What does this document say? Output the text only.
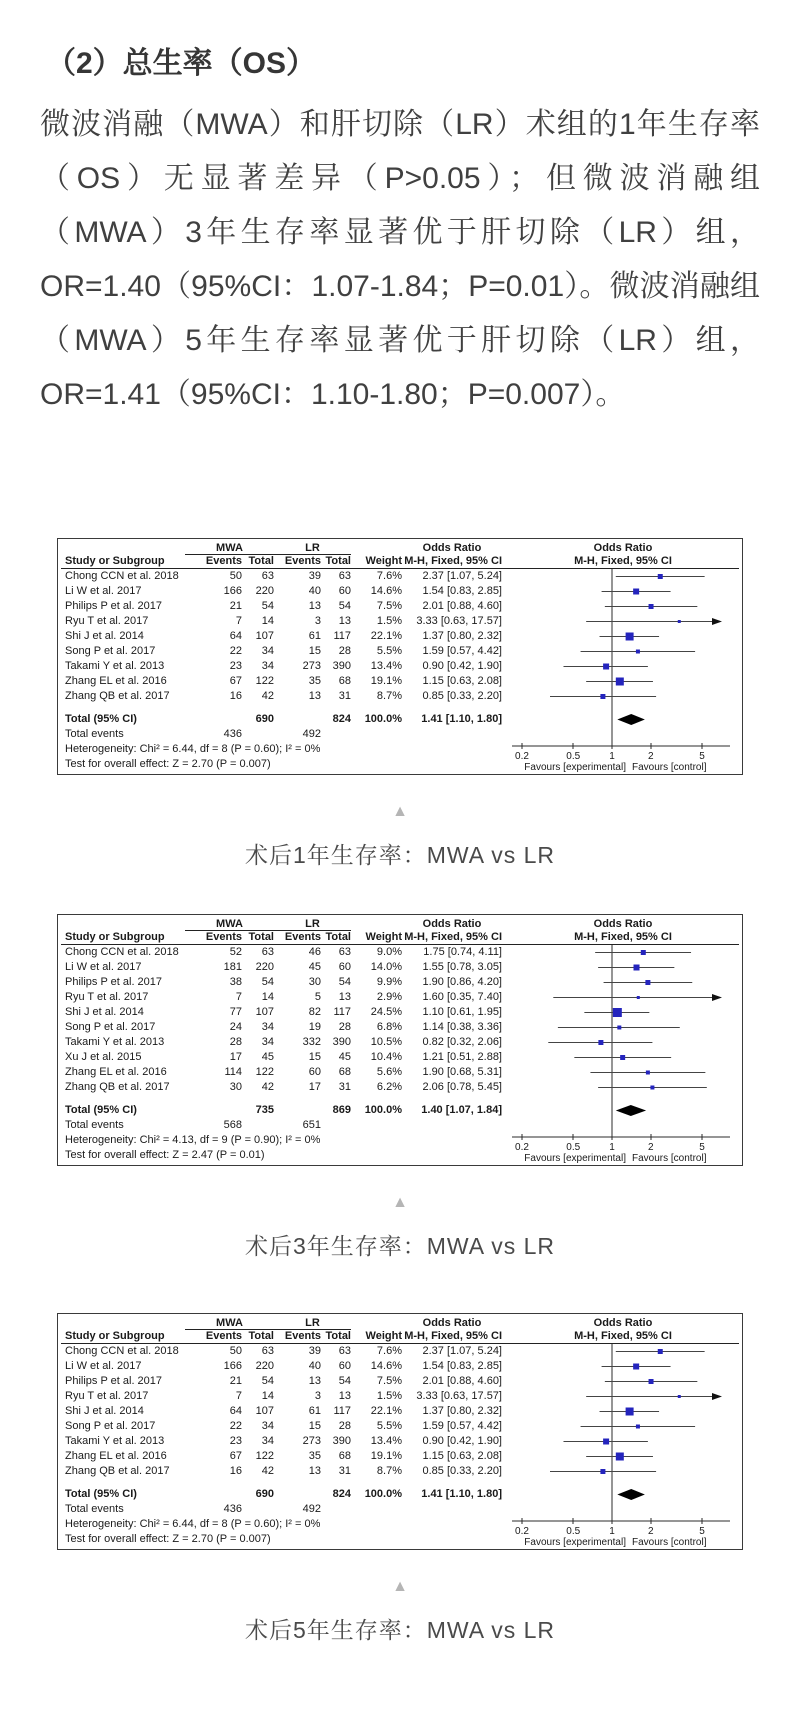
（2）总生率（OS）

微波消融（MWA）和肝切除（LR）术组的1年生存率（OS）无显著差异（P>0.05）；但微波消融组（MWA）3年生存率显著优于肝切除（LR）组，OR=1.40（95%CI：1.07-1.84；P=0.01）。微波消融组（MWA）5年生存率显著优于肝切除（LR）组，OR=1.41（95%CI：1.10-1.80；P=0.007）。

MWA	LR	Odds Ratio	Odds Ratio
Study or Subgroup	Events Total Events Total	Weight M-H, Fixed, 95% CI	M-H, Fixed, 95% CI
Chong CCN et al. 2018	50	63	39	63	7.6%	2.37 [1.07, 5.24]
Li W et al. 2017	166	220	40	60	14.6%	1.54 [0.83, 2.85]
Philips P et al. 2017	21	54	13	54	7.5%	2.01 [0.88, 4.60]
Ryu T et al. 2017	7	14	3	13	1.5%	3.33 [0.63, 17.57]
Shi J et al. 2014	64	107	61	117	22.1%	1.37 [0.80, 2.32]
Song P et al. 2017	22	34	15	28	5.5%	1.59 [0.57, 4.42]
Takami Y et al. 2013	23	34	273	390	13.4%	0.90 [0.42, 1.90]
Zhang EL et al. 2016	67	122	35	68	19.1%	1.15 [0.63, 2.08]
Zhang QB et al. 2017	16	42	13	31	8.7%	0.85 [0.33, 2.20]
Total (95% CI)	690	824	100.0%	1.41 [1.10, 1.80]
Total events	436	492
Heterogeneity: Chi² = 6.44, df = 8 (P = 0.60); I² = 0%
Test for overall effect: Z = 2.70 (P = 0.007)
0.2	0.5	1	2	5
Favours [experimental] Favours [control]
▲
术后1年生存率：MWA vs LR
MWA	LR	Odds Ratio	Odds Ratio
Study or Subgroup	Events Total Events Total	Weight M-H, Fixed, 95% CI	M-H, Fixed, 95% CI
Chong CCN et al. 2018	52	63	46	63	9.0%	1.75 [0.74, 4.11]
Li W et al. 2017	181	220	45	60	14.0%	1.55 [0.78, 3.05]
Philips P et al. 2017	38	54	30	54	9.9%	1.90 [0.86, 4.20]
Ryu T et al. 2017	7	14	5	13	2.9%	1.60 [0.35, 7.40]
Shi J et al. 2014	77	107	82	117	24.5%	1.10 [0.61, 1.95]
Song P et al. 2017	24	34	19	28	6.8%	1.14 [0.38, 3.36]
Takami Y et al. 2013	28	34	332	390	10.5%	0.82 [0.32, 2.06]
Xu J et al. 2015	17	45	15	45	10.4%	1.21 [0.51, 2.88]
Zhang EL et al. 2016	114	122	60	68	5.6%	1.90 [0.68, 5.31]
Zhang QB et al. 2017	30	42	17	31	6.2%	2.06 [0.78, 5.45]
Total (95% CI)	735	869	100.0%	1.40 [1.07, 1.84]
Total events	568	651
Heterogeneity: Chi² = 4.13, df = 9 (P = 0.90); I² = 0%
Test for overall effect: Z = 2.47 (P = 0.01)
0.2	0.5	1	2	5
Favours [experimental] Favours [control]
▲
术后3年生存率：MWA vs LR
MWA	LR	Odds Ratio	Odds Ratio
Study or Subgroup	Events Total Events Total	Weight M-H, Fixed, 95% CI	M-H, Fixed, 95% CI
Chong CCN et al. 2018	50	63	39	63	7.6%	2.37 [1.07, 5.24]
Li W et al. 2017	166	220	40	60	14.6%	1.54 [0.83, 2.85]
Philips P et al. 2017	21	54	13	54	7.5%	2.01 [0.88, 4.60]
Ryu T et al. 2017	7	14	3	13	1.5%	3.33 [0.63, 17.57]
Shi J et al. 2014	64	107	61	117	22.1%	1.37 [0.80, 2.32]
Song P et al. 2017	22	34	15	28	5.5%	1.59 [0.57, 4.42]
Takami Y et al. 2013	23	34	273	390	13.4%	0.90 [0.42, 1.90]
Zhang EL et al. 2016	67	122	35	68	19.1%	1.15 [0.63, 2.08]
Zhang QB et al. 2017	16	42	13	31	8.7%	0.85 [0.33, 2.20]
Total (95% CI)	690	824	100.0%	1.41 [1.10, 1.80]
Total events	436	492
Heterogeneity: Chi² = 6.44, df = 8 (P = 0.60); I² = 0%
Test for overall effect: Z = 2.70 (P = 0.007)
0.2	0.5	1	2	5
Favours [experimental] Favours [control]
▲
术后5年生存率：MWA vs LR
